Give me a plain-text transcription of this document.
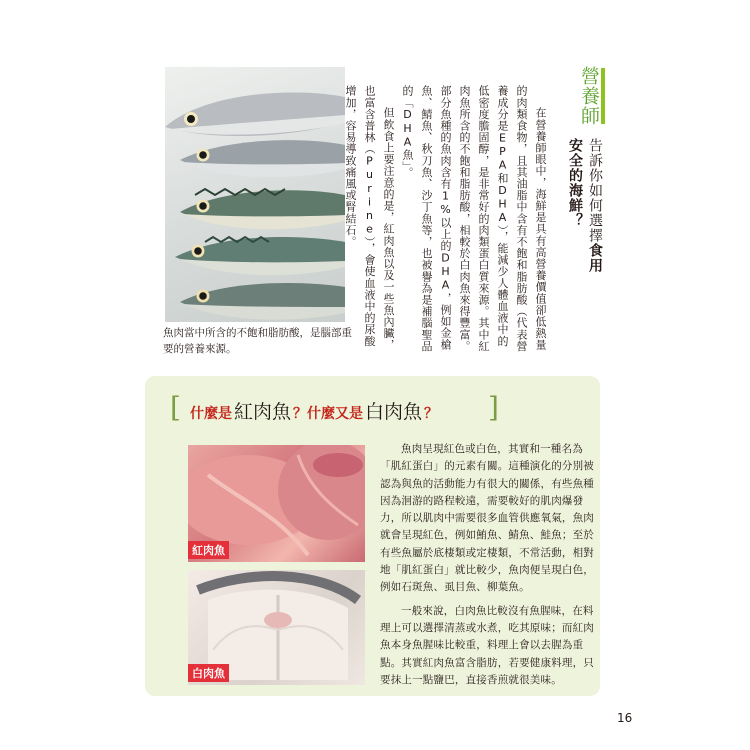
魚肉當中所含的不飽和脂肪酸，是腦部重要的營養來源。
營養師
告訴你如何選擇食用安全的海鮮？

在營養師眼中，海鮮是具有高營養價值卻低熱量的肉類食物，且其油脂中含有不飽和脂肪酸（代表營養成分是EPA和DHA），能減少人體血液中的低密度膽固醇，是非常好的肉類蛋白質來源。其中紅肉魚所含的不飽和脂肪酸，相較於白肉魚來得豐富。部分魚種的魚肉含有1%以上的DHA，例如金槍魚、鯖魚、秋刀魚、沙丁魚等，也被譽為是補腦聖品的「DHA魚」。

但飲食上要注意的是，紅肉魚以及一些魚內臟，也富含普林（Purine），會使血液中的尿酸增加，容易導致痛風或腎結石。

[	]
什麼是 紅肉魚 ？什麼又是 白肉魚 ？
紅肉魚
白肉魚

魚肉呈現紅色或白色，其實和一種名為「肌紅蛋白」的元素有關。這種演化的分別被認為與魚的活動能力有很大的關係，有些魚種因為洄游的路程較遠，需要較好的肌肉爆發力，所以肌肉中需要很多血管供應氧氣，魚肉就會呈現紅色，例如鮪魚、鯖魚、鮭魚；至於有些魚屬於底棲類或定棲類，不常活動，相對地「肌紅蛋白」就比較少，魚肉便呈現白色，例如石斑魚、虱目魚、柳葉魚。

一般來說，白肉魚比較沒有魚腥味，在料理上可以選擇清蒸或水煮，吃其原味；而紅肉魚本身魚腥味比較重，料理上會以去腥為重點。其實紅肉魚富含脂肪，若要健康料理，只要抹上一點鹽巴，直接香煎就很美味。

16
